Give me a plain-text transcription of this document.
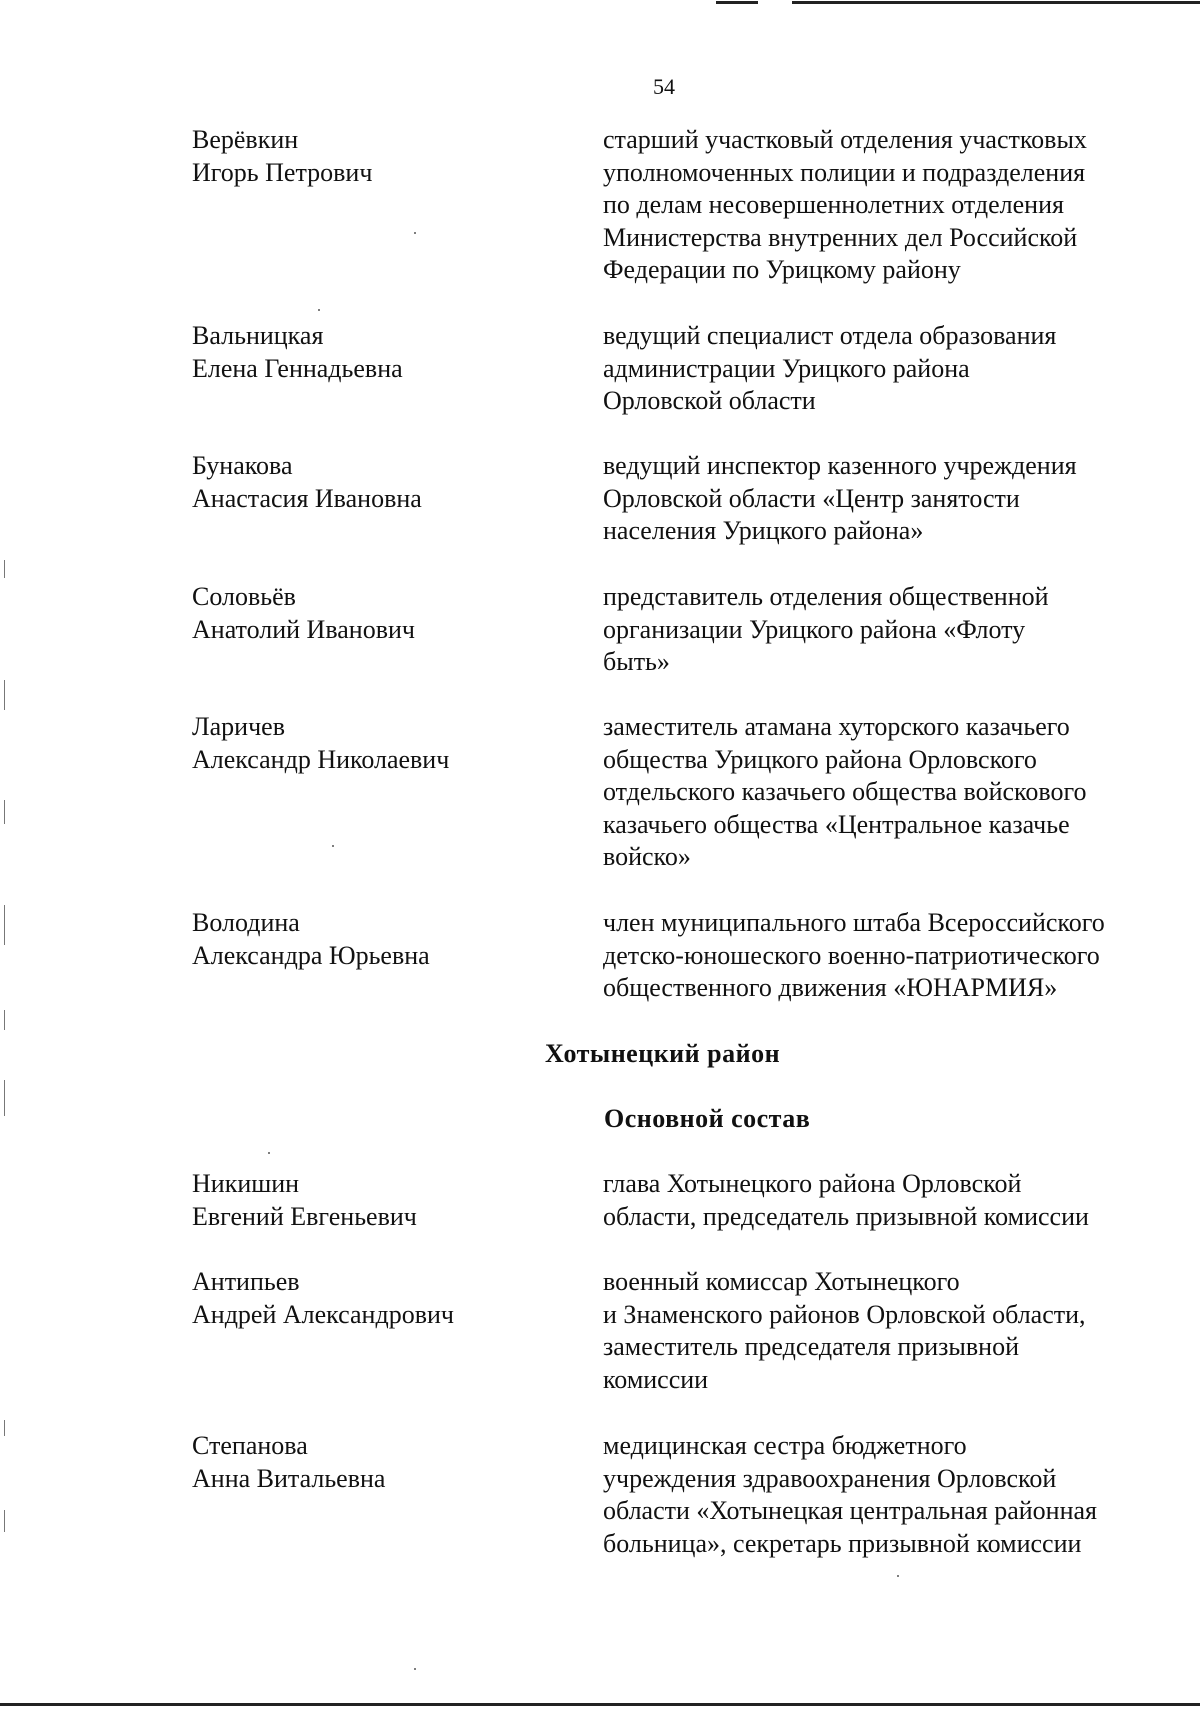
54
Верёвкин
Игорь Петрович
старший участковый отделения участковых
уполномоченных полиции и подразделения
по делам несовершеннолетних отделения
Министерства внутренних дел Российской
Федерации по Урицкому району
Вальницкая
Елена Геннадьевна
ведущий специалист отдела образования
администрации Урицкого района
Орловской области
Бунакова
Анастасия Ивановна
ведущий инспектор казенного учреждения
Орловской области «Центр занятости
населения Урицкого района»
Соловьёв
Анатолий Иванович
представитель отделения общественной
организации Урицкого района «Флоту
быть»
Ларичев
Александр Николаевич
заместитель атамана хуторского казачьего
общества Урицкого района Орловского
отдельского казачьего общества войскового
казачьего общества «Центральное казачье
войско»
Володина
Александра Юрьевна
член муниципального штаба Всероссийского
детско-юношеского военно-патриотического
общественного движения «ЮНАРМИЯ»
Хотынецкий район
Основной состав
Никишин
Евгений Евгеньевич
глава Хотынецкого района Орловской
области, председатель призывной комиссии
Антипьев
Андрей Александрович
военный комиссар Хотынецкого
и Знаменского районов Орловской области,
заместитель председателя призывной
комиссии
Степанова
Анна Витальевна
медицинская сестра бюджетного
учреждения здравоохранения Орловской
области «Хотынецкая центральная районная
больница», секретарь призывной комиссии
